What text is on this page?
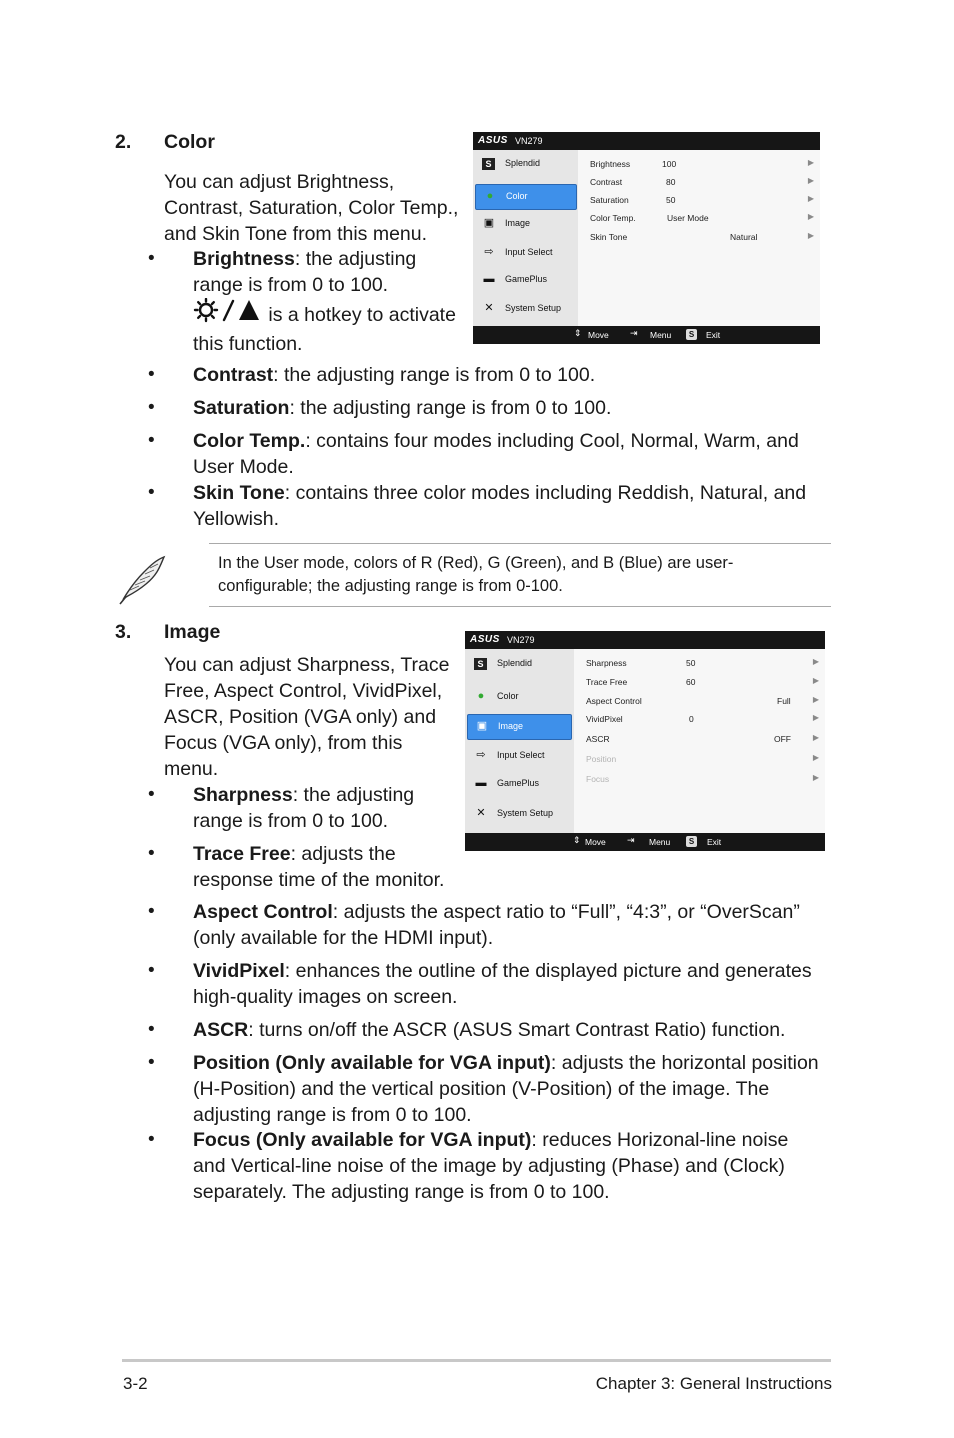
2. Color
You can adjust Brightness, Contrast, Saturation, Color Temp., and Skin Tone from this menu.
• Brightness: the adjusting range is from 0 to 100.
is a hotkey to activate this function.
• Contrast: the adjusting range is from 0 to 100.
• Saturation: the adjusting range is from 0 to 100.
• Color Temp.: contains four modes including Cool, Normal, Warm, and User Mode.
• Skin Tone: contains three color modes including Reddish, Natural, and Yellowish.
ASUS VN279
Brightness	100	▶
Contrast	80	▶
Saturation	50	▶
Color Temp.	User Mode	▶
Skin Tone	Natural	▶
S	Splendid
●	Color
▣	Image
⇨	Input Select
▬	GamePlus
✕	System Setup
⇕ Move ⇥ Menu	S	Exit
In the User mode, colors of R (Red), G (Green), and B (Blue) are user-configurable; the adjusting range is from 0-100.
3. Image
You can adjust Sharpness, Trace Free, Aspect Control, VividPixel, ASCR, Position (VGA only) and Focus (VGA only), from this menu.
• Sharpness: the adjusting range is from 0 to 100.
• Trace Free: adjusts the response time of the monitor.
• Aspect Control: adjusts the aspect ratio to “Full”, “4:3”, or “OverScan” (only available for the HDMI input).
• VividPixel: enhances the outline of the displayed picture and generates high-quality images on screen.
• ASCR: turns on/off the ASCR (ASUS Smart Contrast Ratio) function.
• Position (Only available for VGA input): adjusts the horizontal position (H-Position) and the vertical position (V-Position) of the image. The adjusting range is from 0 to 100.
• Focus (Only available for VGA input): reduces Horizonal-line noise and Vertical-line noise of the image by adjusting (Phase) and (Clock) separately. The adjusting range is from 0 to 100.
ASUS VN279
Sharpness	50	▶
Trace Free	60	▶
Aspect Control	Full	▶
VividPixel	0	▶
ASCR	OFF	▶
Position	▶
Focus	▶
S	Splendid
●	Color
▣	Image
⇨	Input Select
▬	GamePlus
✕	System Setup
⇕ Move ⇥ Menu	S	Exit
3-2	Chapter 3: General Instructions
